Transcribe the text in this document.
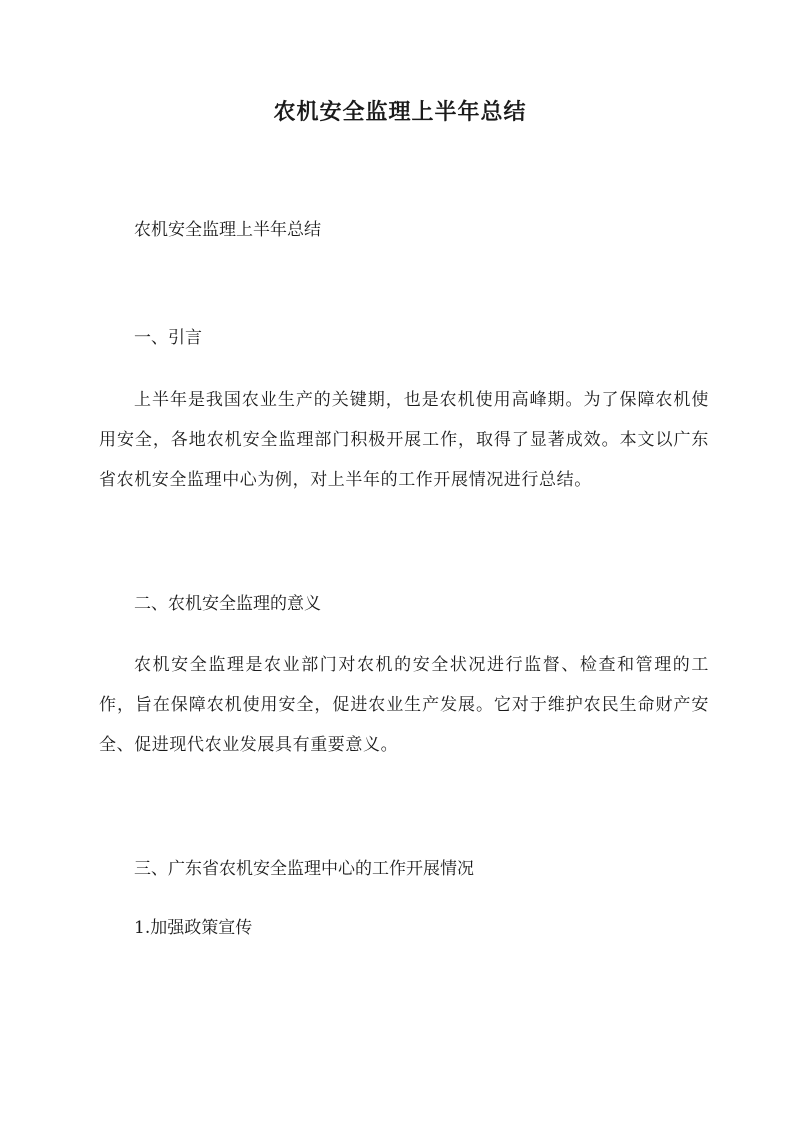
农机安全监理上半年总结
农机安全监理上半年总结
一、引言
上半年是我国农业生产的关键期，也是农机使用高峰期。为了保障农机使用安全，各地农机安全监理部门积极开展工作，取得了显著成效。本文以广东省农机安全监理中心为例，对上半年的工作开展情况进行总结。
二、农机安全监理的意义
农机安全监理是农业部门对农机的安全状况进行监督、检查和管理的工作，旨在保障农机使用安全，促进农业生产发展。它对于维护农民生命财产安全、促进现代农业发展具有重要意义。
三、广东省农机安全监理中心的工作开展情况
1.加强政策宣传
